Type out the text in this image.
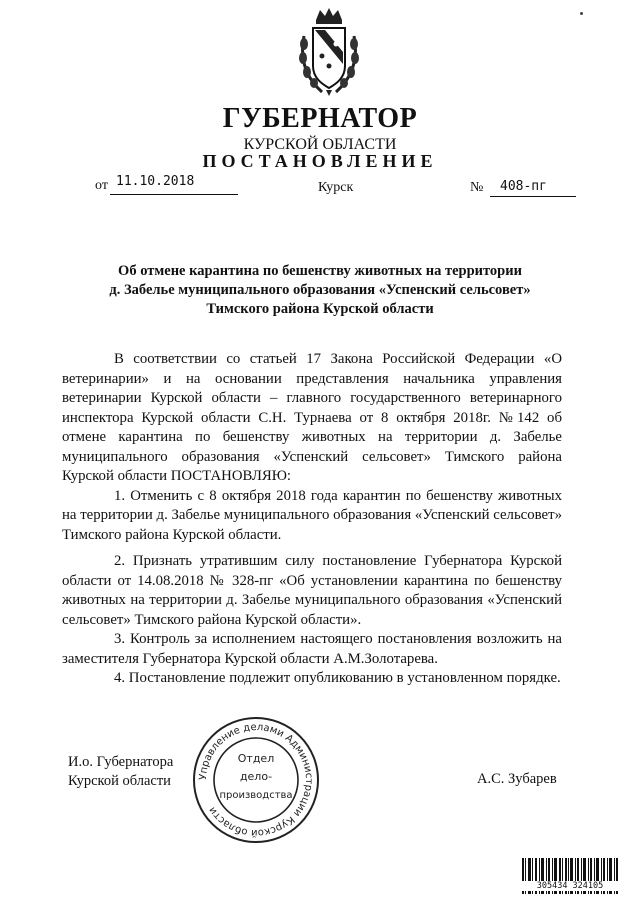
ГУБЕРНАТОР
КУРСКОЙ ОБЛАСТИ
ПОСТАНОВЛЕНИЕ
от 11.10.2018	Курск	№ 408-пг
Об отмене карантина по бешенству животных на территории
д. Забелье муниципального образования «Успенский сельсовет»
Тимского района Курской области

В соответствии со статьей 17 Закона Российской Федерации «О ветеринарии» и на основании представления начальника управления ветеринарии Курской области – главного государственного ветеринарного инспектора Курской области С.Н. Турнаева от 8 октября 2018г. №142 об отмене карантина по бешенству животных на территории д. Забелье муниципального образования «Успенский сельсовет» Тимского района Курской области ПОСТАНОВЛЯЮ:

1. Отменить с 8 октября 2018 года карантин по бешенству животных на территории д. Забелье муниципального образования «Успенский сельсовет» Тимского района Курской области.

2. Признать утратившим силу постановление Губернатора Курской области от 14.08.2018 № 328-пг «Об установлении карантина по бешенству животных на территории д. Забелье муниципального образования «Успенский сельсовет» Тимского района Курской области».

3. Контроль за исполнением настоящего постановления возложить на заместителя Губернатора Курской области А.М.Золотарева.

4. Постановление подлежит опубликованию в установленном порядке.

И.о. Губернатора
Курской области	А.С. Зубарев
Управление делами Администрации Курской области
Отдел
дело-
производства
305434 324105
